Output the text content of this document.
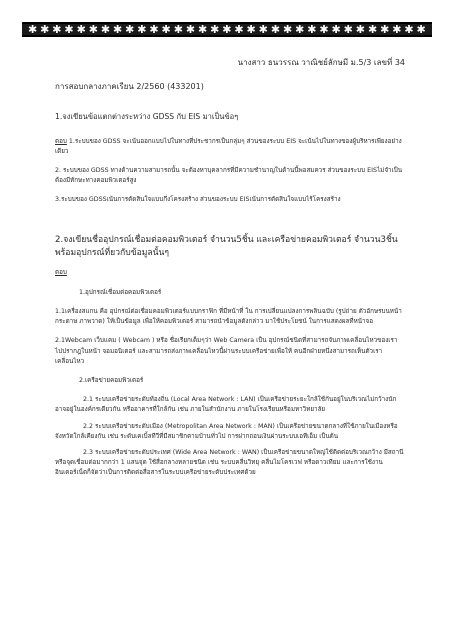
✱ ✱ ✱ ✱ ✱ ✱ ✱ ✱ ✱ ✱ ✱ ✱ ✱ ✱ ✱ ✱ ✱ ✱ ✱ ✱ ✱ ✱ ✱ ✱ ✱ ✱ ✱ ✱ ✱ ✱ ✱ ✱ ✱
นางสาว ธนวรรณ วาณิชย์ลักษมี ม.5/3 เลขที่ 34
การสอบกลางภาคเรียน 2/2560 (433201)
1.จงเขียนข้อแตกต่างระหว่าง GDSS กับ EIS มาเป็นข้อๆ
ตอบ 1.ระบบของ GDSS จะเน้นออกแบบไปในทางที่ประชากรเป็นกลุ่มๆ ส่วนของระบบ EIS จะเน้นไปในทางของผู้บริหารเพียงอย่างเดียว
2. ระบบของ GDSS ทางด้านความสามารถนั้น จะต้องหาบุคลากรที่มีความชำนาญในด้านนี้พอสมควร ส่วนของระบบ EISไม่จำเป็นต้องมีทักษะทางคอมพิวเตอร์สูง
3.ระบบของ GDSSเน้นการตัดสินใจแบบกึ่งโครงสร้าง ส่วนของระบบ EISเน้นการตัดสินใจแบบไร้โครงสร้าง
2.จงเขียนชื่ออุปกรณ์เชื่อมต่อคอมพิวเตอร์ จำนวน5ชิ้น และเครือข่ายคอมพิวเตอร์ จำนวน3ชิ้น พร้อมอุปกรณ์ที่ยวกับข้อมูลนั้นๆ
ตอบ
1.อุปกรณ์เชื่อมต่อคอมพิวเตอร์
1.1เครื่องสแกน คือ อุปกรณ์ต่อเชื่อมคอมพิวเตอร์แบบกราฟิก ที่มีหน้าที่ ใน การเปลี่ยนแปลงการพลินฉบับ (รูปถ่าย ตัวอักษรบนหน้ากระดาษ ภาพวาด) ให้เป็นข้อมูล เพื่อให้คอมพิวเตอร์ สามารถนำข้อมูลดังกล่าว มาใช้ประโยชน์ ในการแสดงผลที่หน้าจอ
2.1Webcam เว็บแคม ( Webcam ) หรือ ชื่อเรียกเต็มๆว่า Web Camera เป็น อุปกรณ์ชนิดที่สามารถจับภาพเคลื่อนไหวของเรา ไปปรากฎในหน้า จอมอนิเตอร์ และสามารถส่งภาพเคลื่อนไหวนี้ผ่านระบบเครือข่ายเพื่อให้ คนอีกฝ่ายหนึ่งสามารถเห็นตัวเราเคลื่อนไหว
2.เครือข่ายคอมพิวเตอร์
2.1 ระบบเครือข่ายระดับท้องถิ่น (Local Area Network : LAN) เป็นเครือข่ายระยะใกล้ใช้กันอยู่ในบริเวณไม่กว้างนัก อาจอยู่ในองค์กรเดียวกัน หรืออาคารที่ใกล้กัน เช่น ภายในสำนักงาน ภายในโรงเรียนหรือมหาวิทยาลัย
2.2 ระบบเครือข่ายระดับเมือง (Metropolitan Area Network : MAN) เป็นเครือข่ายขนาดกลางที่ใช้ภายในเมืองหรือจังหวัดใกล้เคียงกัน เช่น ระดับเคเบิ้ลทีวีที่มีสมาชิกตามบ้านทั่วไป การฝากถอนเงินผ่านระบบเอทีเอ็ม เป็นต้น
2.3 ระบบเครือข่ายระดับประเทศ (Wide Area Network : WAN) เป็นเครือข่ายขนาดใหญ่ใช้ติดต่อบริเวณกว้าง มีสถานีหรือจุดเชื่อมต่อมากกว่า 1 แสนจุด ใช้สื่อกลางหลายชนิด เช่น ระบบคลื่นวิทยุ คลื่นไมโครเวฟ หรือดาวเทียม และการใช้งานอินเตอร์เน็ตก็จัดว่าเป็นการติดต่อสื่อสารในระบบเครือข่ายระดับประเทศด้วย
